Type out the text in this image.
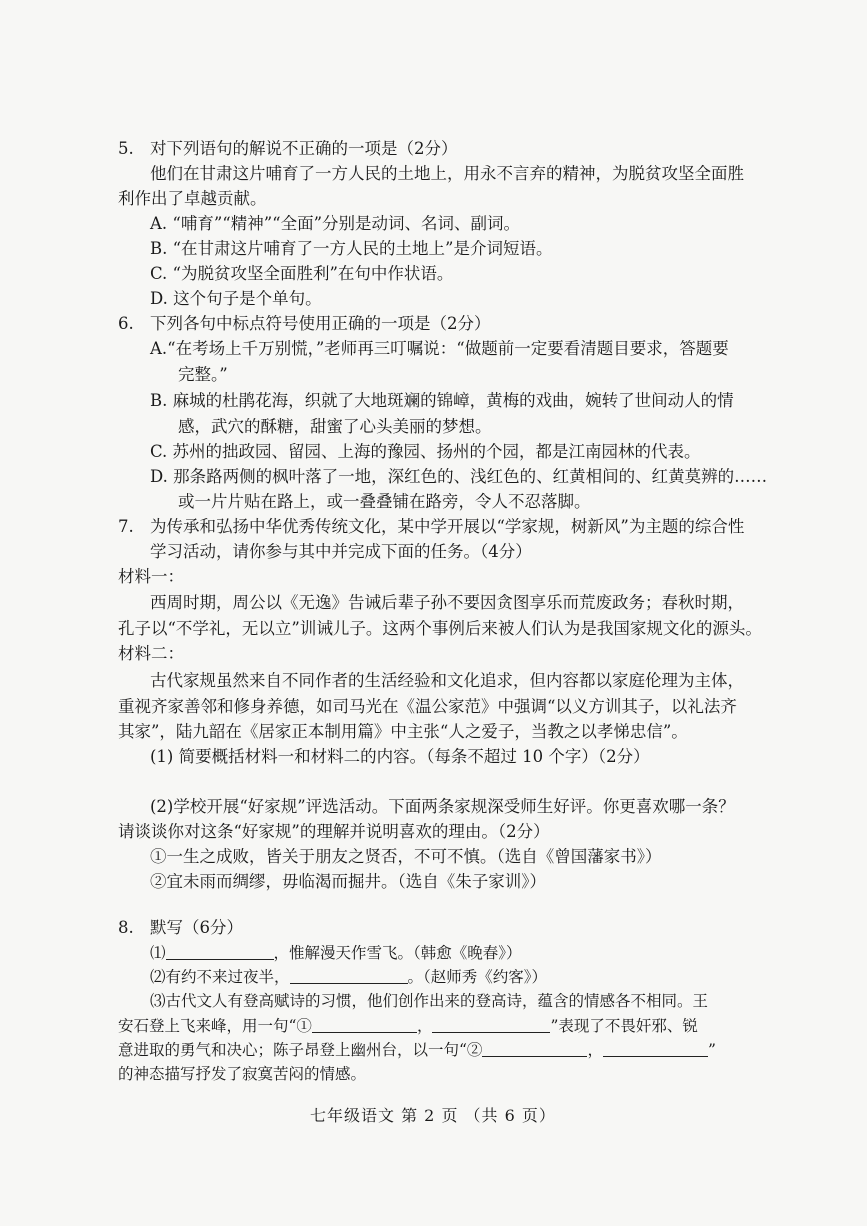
5. 对下列语句的解说不正确的一项是（2分）
他们在甘肃这片哺育了一方人民的土地上，用永不言弃的精神，为脱贫攻坚全面胜
利作出了卓越贡献。
A. “哺育”“精神”“全面”分别是动词、名词、副词。
B. “在甘肃这片哺育了一方人民的土地上”是介词短语。
C. “为脱贫攻坚全面胜利”在句中作状语。
D. 这个句子是个单句。
6. 下列各句中标点符号使用正确的一项是（2分）
A.“在考场上千万别慌，”老师再三叮嘱说：“做题前一定要看清题目要求，答题要
完整。”
B. 麻城的杜鹃花海，织就了大地斑斓的锦嶂，黄梅的戏曲，婉转了世间动人的情
感，武穴的酥糖，甜蜜了心头美丽的梦想。
C. 苏州的拙政园、留园、上海的豫园、扬州的个园，都是江南园林的代表。
D. 那条路两侧的枫叶落了一地，深红色的、浅红色的、红黄相间的、红黄莫辨的……
或一片片贴在路上，或一叠叠铺在路旁，令人不忍落脚。
7. 为传承和弘扬中华优秀传统文化，某中学开展以“学家规，树新风”为主题的综合性
学习活动，请你参与其中并完成下面的任务。（4分）
材料一：
西周时期，周公以《无逸》告诫后辈子孙不要因贪图享乐而荒废政务；春秋时期，
孔子以“不学礼，无以立”训诫儿子。这两个事例后来被人们认为是我国家规文化的源头。
材料二：
古代家规虽然来自不同作者的生活经验和文化追求，但内容都以家庭伦理为主体，
重视齐家善邻和修身养德，如司马光在《温公家范》中强调“以义方训其子，以礼法齐
其家”，陆九韶在《居家正本制用篇》中主张“人之爱子，当教之以孝悌忠信”。
(1) 简要概括材料一和材料二的内容。（每条不超过 10 个字）（2分）
(2)学校开展“好家规”评选活动。下面两条家规深受师生好评。你更喜欢哪一条？
请谈谈你对这条“好家规”的理解并说明喜欢的理由。（2分）
①一生之成败，皆关于朋友之贤否，不可不慎。（选自《曾国藩家书》）
②宜未雨而绸缪，毋临渴而掘井。（选自《朱子家训》）
8. 默写（6分）
⑴	，惟解漫天作雪飞。（韩愈《晚春》）
⑵有约不来过夜半，	。（赵师秀《约客》）
⑶古代文人有登高赋诗的习惯，他们创作出来的登高诗，蕴含的情感各不相同。王
安石登上飞来峰，用一句“①	，	”表现了不畏奸邪、锐
意进取的勇气和决心；陈子昂登上幽州台，以一句“②	，	”
的神态描写抒发了寂寞苦闷的情感。
七年级语文 第 2 页 （共 6 页）
